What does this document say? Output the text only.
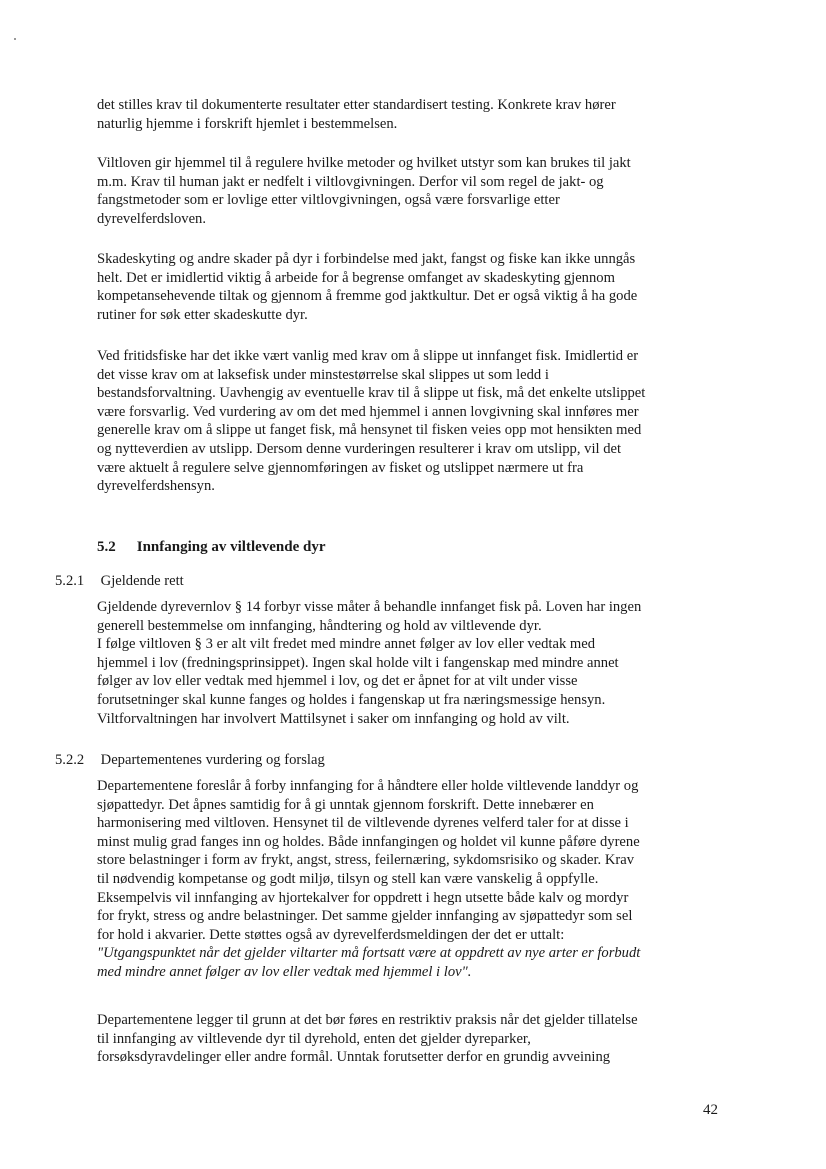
det stilles krav til dokumenterte resultater etter standardisert testing. Konkrete krav hører
naturlig hjemme i forskrift hjemlet i bestemmelsen.

Viltloven gir hjemmel til å regulere hvilke metoder og hvilket utstyr som kan brukes til jakt
m.m. Krav til human jakt er nedfelt i viltlovgivningen. Derfor vil som regel de jakt- og
fangstmetoder som er lovlige etter viltlovgivningen, også være forsvarlige etter
dyrevelferdsloven.

Skadeskyting og andre skader på dyr i forbindelse med jakt, fangst og fiske kan ikke unngås
helt. Det er imidlertid viktig å arbeide for å begrense omfanget av skadeskyting gjennom
kompetansehevende tiltak og gjennom å fremme god jaktkultur. Det er også viktig å ha gode
rutiner for søk etter skadeskutte dyr.

Ved fritidsfiske har det ikke vært vanlig med krav om å slippe ut innfanget fisk. Imidlertid er
det visse krav om at laksefisk under minstestørrelse skal slippes ut som ledd i
bestandsforvaltning. Uavhengig av eventuelle krav til å slippe ut fisk, må det enkelte utslippet
være forsvarlig. Ved vurdering av om det med hjemmel i annen lovgivning skal innføres mer
generelle krav om å slippe ut fanget fisk, må hensynet til fisken veies opp mot hensikten med
og nytteverdien av utslipp. Dersom denne vurderingen resulterer i krav om utslipp, vil det
være aktuelt å regulere selve gjennomføringen av fisket og utslippet nærmere ut fra
dyrevelferdshensyn.

5.2 Innfanging av viltlevende dyr
5.2.1 Gjeldende rett

Gjeldende dyrevernlov § 14 forbyr visse måter å behandle innfanget fisk på. Loven har ingen
generell bestemmelse om innfanging, håndtering og hold av viltlevende dyr.
I følge viltloven § 3 er alt vilt fredet med mindre annet følger av lov eller vedtak med
hjemmel i lov (fredningsprinsippet). Ingen skal holde vilt i fangenskap med mindre annet
følger av lov eller vedtak med hjemmel i lov, og det er åpnet for at vilt under visse
forutsetninger skal kunne fanges og holdes i fangenskap ut fra næringsmessige hensyn.
Viltforvaltningen har involvert Mattilsynet i saker om innfanging og hold av vilt.

5.2.2 Departementenes vurdering og forslag

Departementene foreslår å forby innfanging for å håndtere eller holde viltlevende landdyr og
sjøpattedyr. Det åpnes samtidig for å gi unntak gjennom forskrift. Dette innebærer en
harmonisering med viltloven. Hensynet til de viltlevende dyrenes velferd taler for at disse i
minst mulig grad fanges inn og holdes. Både innfangingen og holdet vil kunne påføre dyrene
store belastninger i form av frykt, angst, stress, feilernæring, sykdomsrisiko og skader. Krav
til nødvendig kompetanse og godt miljø, tilsyn og stell kan være vanskelig å oppfylle.
Eksempelvis vil innfanging av hjortekalver for oppdrett i hegn utsette både kalv og mordyr
for frykt, stress og andre belastninger. Det samme gjelder innfanging av sjøpattedyr som sel
for hold i akvarier. Dette støttes også av dyrevelferdsmeldingen der det er uttalt:

"Utgangspunktet når det gjelder viltarter må fortsatt være at oppdrett av nye arter er forbudt
med mindre annet følger av lov eller vedtak med hjemmel i lov".

Departementene legger til grunn at det bør føres en restriktiv praksis når det gjelder tillatelse
til innfanging av viltlevende dyr til dyrehold, enten det gjelder dyreparker,
forsøksdyravdelinger eller andre formål. Unntak forutsetter derfor en grundig avveining

42
